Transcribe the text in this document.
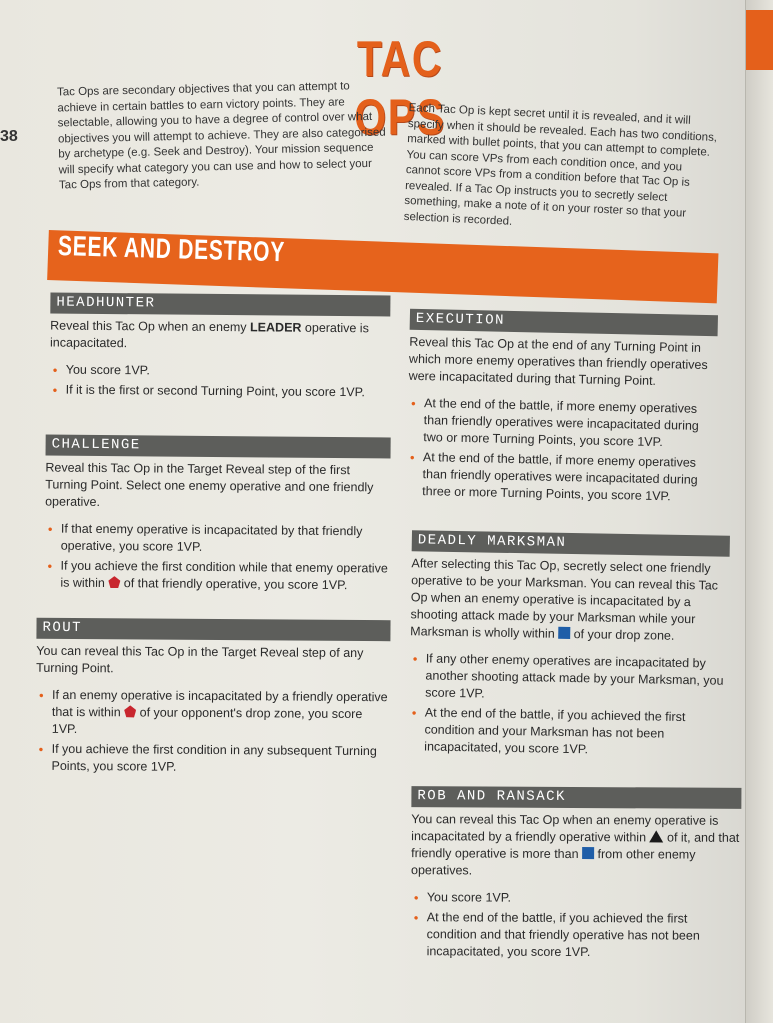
38
TAC OPS
Tac Ops are secondary objectives that you can attempt to achieve in certain battles to earn victory points. They are selectable, allowing you to have a degree of control over what objectives you will attempt to achieve. They are also categorised by archetype (e.g. Seek and Destroy). Your mission sequence will specify what category you can use and how to select your Tac Ops from that category.
Each Tac Op is kept secret until it is revealed, and it will specify when it should be revealed. Each has two conditions, marked with bullet points, that you can attempt to complete. You can score VPs from each condition once, and you cannot score VPs from a condition before that Tac Op is revealed. If a Tac Op instructs you to secretly select something, make a note of it on your roster so that your selection is recorded.
SEEK AND DESTROY
HEADHUNTER

Reveal this Tac Op when an enemy LEADER operative is incapacitated.

• You score 1VP.
• If it is the first or second Turning Point, you score 1VP.
CHALLENGE

Reveal this Tac Op in the Target Reveal step of the first Turning Point. Select one enemy operative and one friendly operative.

• If that enemy operative is incapacitated by that friendly operative, you score 1VP.
• If you achieve the first condition while that enemy operative is within  of that friendly operative, you score 1VP.
ROUT

You can reveal this Tac Op in the Target Reveal step of any Turning Point.

• If an enemy operative is incapacitated by a friendly operative that is within  of your opponent's drop zone, you score 1VP.
• If you achieve the first condition in any subsequent Turning Points, you score 1VP.
EXECUTION

Reveal this Tac Op at the end of any Turning Point in which more enemy operatives than friendly operatives were incapacitated during that Turning Point.

• At the end of the battle, if more enemy operatives than friendly operatives were incapacitated during two or more Turning Points, you score 1VP.
• At the end of the battle, if more enemy operatives than friendly operatives were incapacitated during three or more Turning Points, you score 1VP.
DEADLY MARKSMAN

After selecting this Tac Op, secretly select one friendly operative to be your Marksman. You can reveal this Tac Op when an enemy operative is incapacitated by a shooting attack made by your Marksman while your Marksman is wholly within  of your drop zone.

• If any other enemy operatives are incapacitated by another shooting attack made by your Marksman, you score 1VP.
• At the end of the battle, if you achieved the first condition and your Marksman has not been incapacitated, you score 1VP.
ROB AND RANSACK

You can reveal this Tac Op when an enemy operative is incapacitated by a friendly operative within  of it, and that friendly operative is more than  from other enemy operatives.

• You score 1VP.
• At the end of the battle, if you achieved the first condition and that friendly operative has not been incapacitated, you score 1VP.
